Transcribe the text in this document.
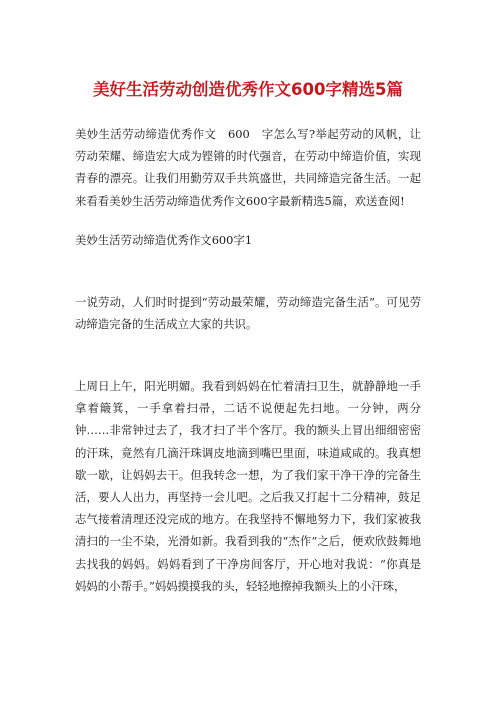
美好生活劳动创造优秀作文600字精选5篇

美妙生活劳动缔造优秀作文　600　字怎么写?举起劳动的风帆，让劳动荣耀、缔造宏大成为铿锵的时代强音，在劳动中缔造价值，实现青春的漂亮。让我们用勤劳双手共筑盛世，共同缔造完备生活。一起来看看美妙生活劳动缔造优秀作文600字最新精选5篇，欢送查阅!

美妙生活劳动缔造优秀作文600字1

一说劳动，人们时时提到“劳动最荣耀，劳动缔造完备生活”。可见劳动缔造完备的生活成立大家的共识。

上周日上午，阳光明媚。我看到妈妈在忙着清扫卫生，就静静地一手拿着簸箕，一手拿着扫帚，二话不说便起先扫地。一分钟，两分钟……非常钟过去了，我才扫了半个客厅。我的额头上冒出细细密密的汗珠，竟然有几滴汗珠调皮地滴到嘴巴里面，味道咸咸的。我真想歇一歇，让妈妈去干。但我转念一想，为了我们家干净干净的完备生活，要人人出力，再坚持一会儿吧。之后我又打起十二分精神，鼓足志气接着清理还没完成的地方。在我坚持不懈地努力下，我们家被我清扫的一尘不染，光滑如新。我看到我的“杰作”之后，便欢欣鼓舞地去找我的妈妈。妈妈看到了干净房间客厅，开心地对我说：“你真是妈妈的小帮手。”妈妈摸摸我的头，轻轻地擦掉我额头上的小汗珠，
